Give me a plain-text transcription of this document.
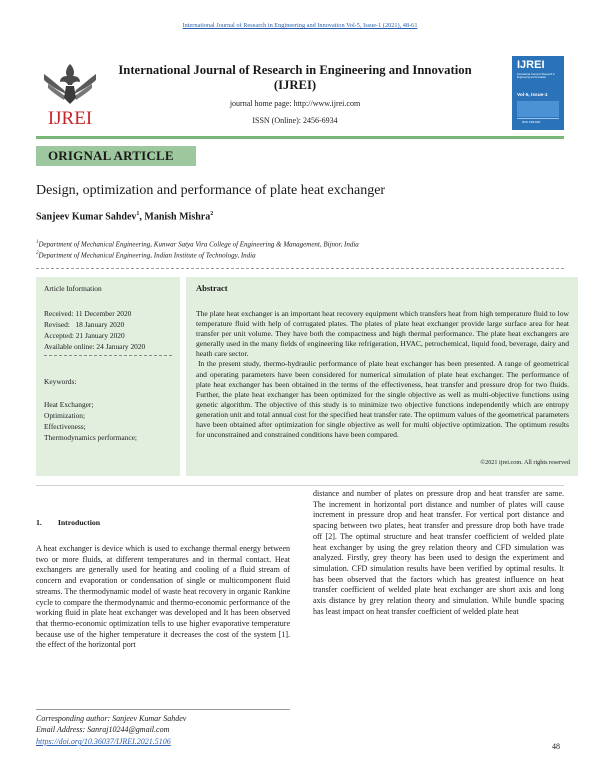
International Journal of Research in Engineering and Innovation Vol-5, Issue-1 (2021), 48-61
IJREI
International Journal of Research in Engineering and Innovation
(IJREI)
journal home page: http://www.ijrei.com
ISSN (Online): 2456-6934
IJREI
International Journal of Research in Engineering and Innovation
Vol-5, Issue-1
ISSN: 2456-6934
ORIGNAL ARTICLE
Design, optimization and performance of plate heat exchanger
Sanjeev Kumar Sahdev$^1$, Manish Mishra$^2$
$^1$Department of Mechanical Engineering, Kunwar Satya Vira College of Engineering & Management, Bijnor, India
$^2$Department of Mechanical Engineering, Indian Institute of Technology, India
Article Information
Received: 11 December 2020
Revised:   18 January 2020
Accepted: 21 January 2020
Available online: 24 January 2020
Keywords:
Heat Exchanger;
Optimization;
Effectiveness;
Thermodynamics performance;
Abstract

The plate heat exchanger is an important heat recovery equipment which transfers heat from high temperature fluid to low temperature fluid with help of corrugated plates. The plates of plate heat exchanger provide large surface area for heat transfer per unit volume. They have both the compactness and high thermal performance. The plate heat exchangers are generally used in the many fields of engineering like refrigeration, HVAC, petrochemical, liquid food, beverage, dairy and heath care sector.

In the present study, thermo-hydraulic performance of plate heat exchanger has been presented. A range of geometrical and operating parameters have been considered for numerical simulation of plate heat exchanger. The performance of plate heat exchanger has been obtained in the terms of the effectiveness, heat transfer and pressure drop for two fluids. Further, the plate heat exchanger has been optimized for the single objective as well as multi-objective functions using genetic algorithm. The objective of this study is to minimize two objective functions independently which are entropy generation unit and total annual cost for the specified heat transfer rate. The optimum values of the geometrical parameters have been obtained after optimization for single objective as well for multi objective optimization. The optimum results for unconstrained and constrained conditions have been compared.

©2021 ijrei.com. All rights reserved
1. Introduction
A heat exchanger is device which is used to exchange thermal energy between two or more fluids, at different temperatures and in thermal contact. Heat exchangers are generally used for heating and cooling of a fluid stream of concern and evaporation or condensation of single or multicomponent fluid streams. The thermodynamic model of waste heat recovery in organic Rankine cycle to compare the thermodynamic and thermo-economic performance of the working fluid in plate heat exchanger was developed and It has been observed that thermo-economic optimization tells to use higher evaporative temperature because use of the higher temperature it decreases the cost of the system [1]. the effect of the horizontal port
distance and number of plates on pressure drop and heat transfer are same. The increment in horizontal port distance and number of plates will cause increment in pressure drop and heat transfer. For vertical port distance and spacing between two plates, heat transfer and pressure drop both have trade off [2]. The optimal structure and heat transfer coefficient of welded plate heat exchanger by using the grey relation theory and CFD simulation was analyzed. Firstly, grey theory has been used to design the experiment and simulation. CFD simulation results have been verified by optimal results. It has been observed that the factors which has greatest influence on heat transfer coefficient of welded plate heat exchanger are short axis and long axis distance by grey relation theory and simulation. While bundle spacing has least impact on heat transfer coefficient of welded plate heat
Corresponding author: Sanjeev Kumar Sahdev
Email Address: Sanraj10244@gmail.com
https://doi.org/10.36037/IJREI.2021.5106
48
